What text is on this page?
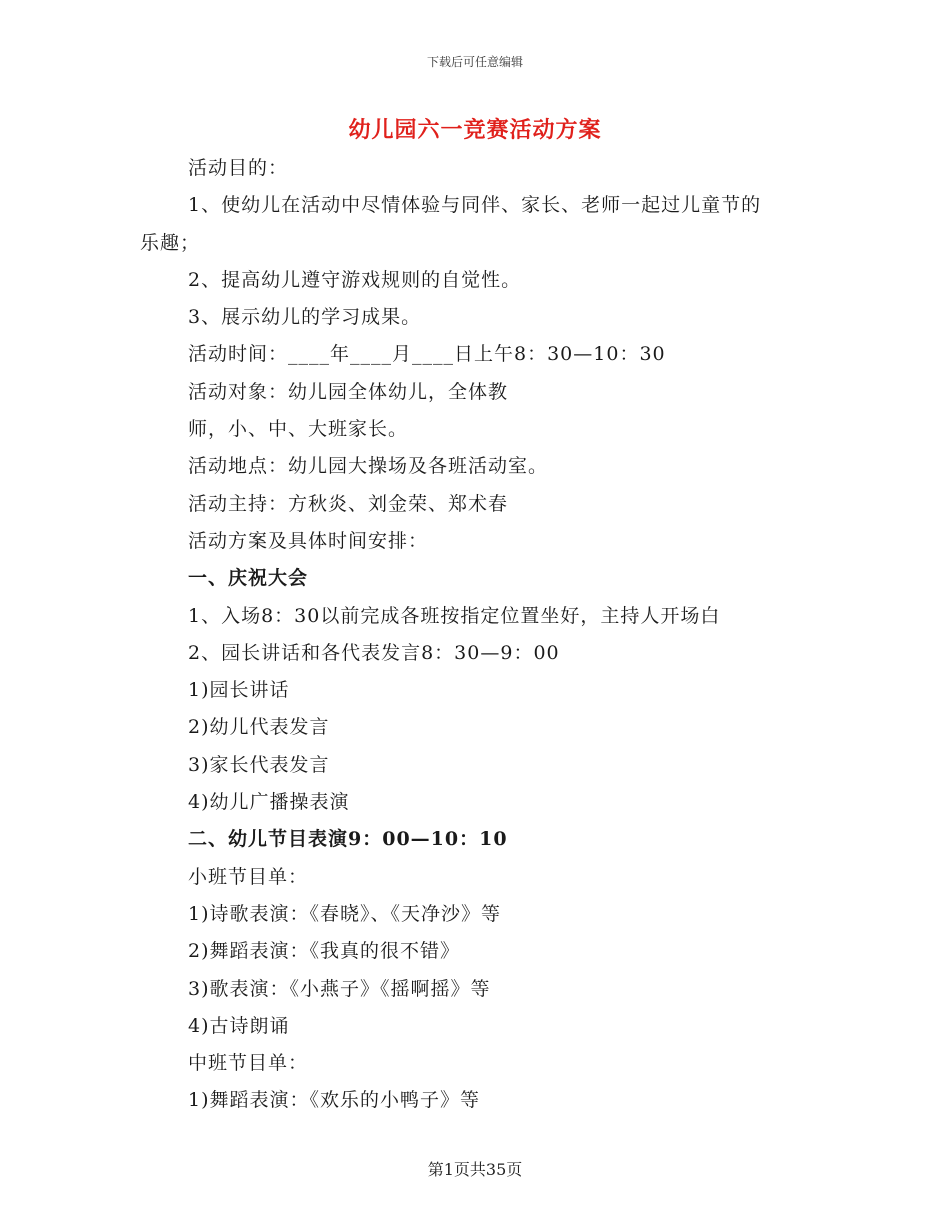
下载后可任意编辑
幼儿园六一竞赛活动方案
活动目的：
1、使幼儿在活动中尽情体验与同伴、家长、老师一起过儿童节的
乐趣；
2、提高幼儿遵守游戏规则的自觉性。
3、展示幼儿的学习成果。
活动时间：____年____月____日上午8：30—10：30
活动对象：幼儿园全体幼儿，全体教
师，小、中、大班家长。
活动地点：幼儿园大操场及各班活动室。
活动主持：方秋炎、刘金荣、郑术春
活动方案及具体时间安排：
一、庆祝大会
1、入场8：30以前完成各班按指定位置坐好，主持人开场白
2、园长讲话和各代表发言8：30—9：00
1)园长讲话
2)幼儿代表发言
3)家长代表发言
4)幼儿广播操表演
二、幼儿节目表演9：00—10：10
小班节目单：
1)诗歌表演：《春晓》、《天净沙》等
2)舞蹈表演：《我真的很不错》
3)歌表演：《小燕子》《摇啊摇》等
4)古诗朗诵
中班节目单：
1)舞蹈表演：《欢乐的小鸭子》等
第1页共35页
